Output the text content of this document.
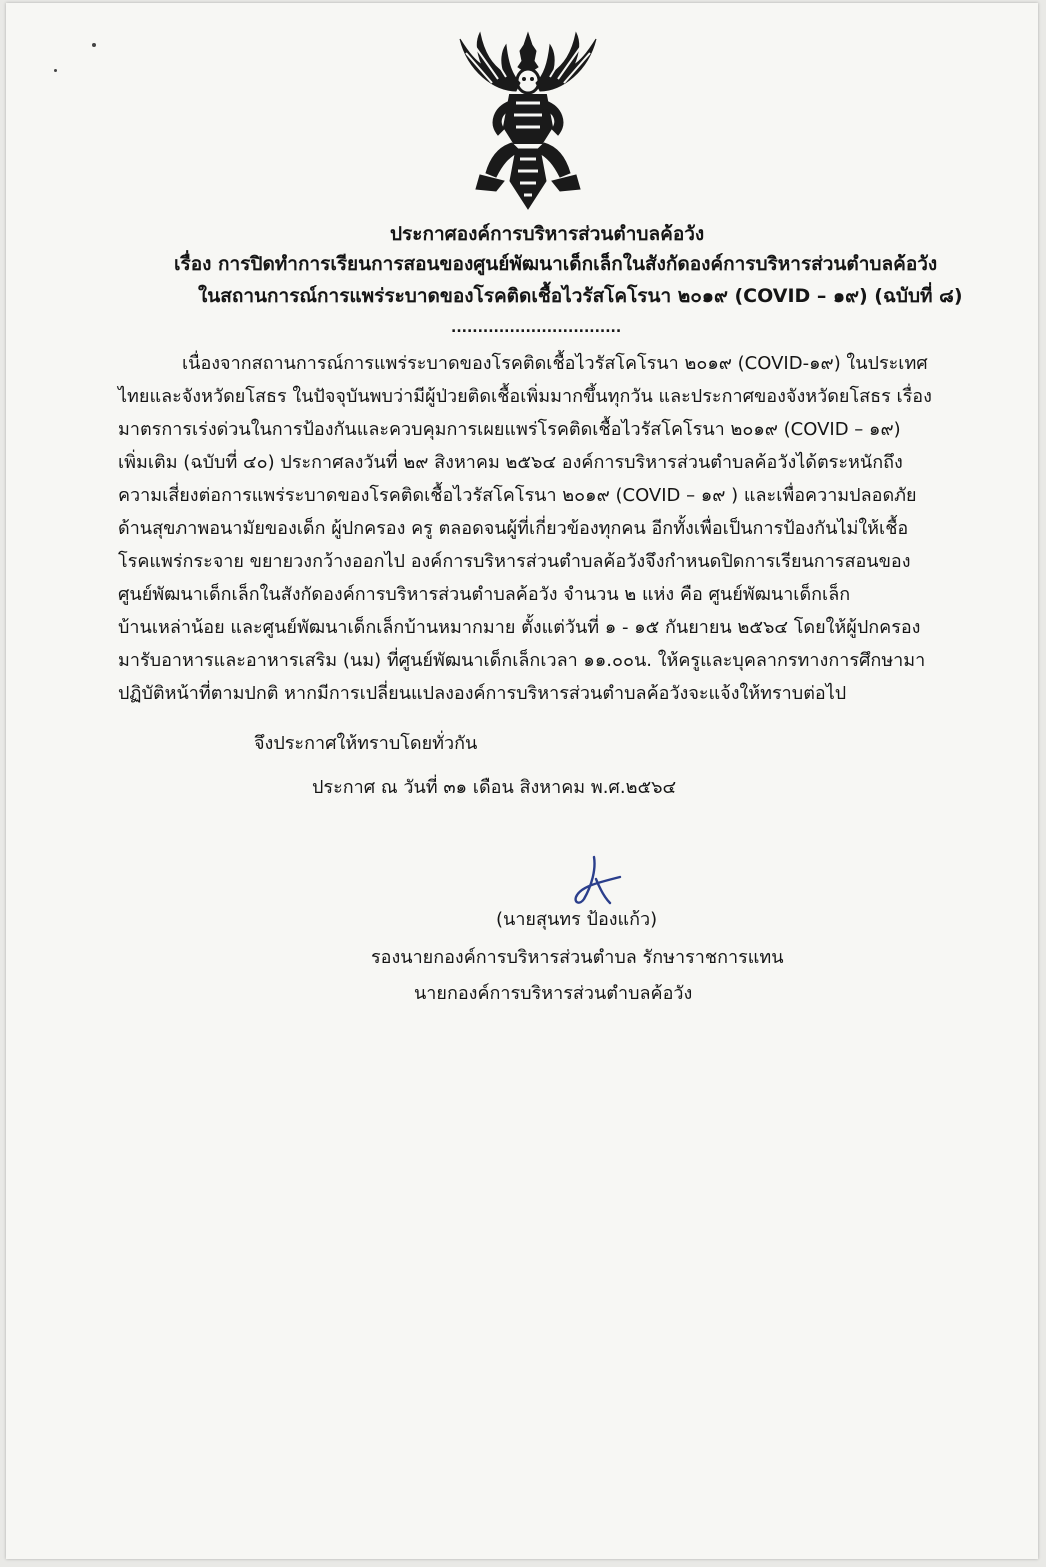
ประกาศองค์การบริหารส่วนตำบลค้อวัง
เรื่อง การปิดทำการเรียนการสอนของศูนย์พัฒนาเด็กเล็กในสังกัดองค์การบริหารส่วนตำบลค้อวัง
ในสถานการณ์การแพร่ระบาดของโรคติดเชื้อไวรัสโคโรนา ๒๐๑๙ (COVID – ๑๙) (ฉบับที่ ๘)
................................
เนื่องจากสถานการณ์การแพร่ระบาดของโรคติดเชื้อไวรัสโคโรนา ๒๐๑๙ (COVID-๑๙) ในประเทศ
ไทยและจังหวัดยโสธร ในปัจจุบันพบว่ามีผู้ป่วยติดเชื้อเพิ่มมากขึ้นทุกวัน และประกาศของจังหวัดยโสธร เรื่อง
มาตรการเร่งด่วนในการป้องกันและควบคุมการเผยแพร่โรคติดเชื้อไวรัสโคโรนา ๒๐๑๙ (COVID – ๑๙)
เพิ่มเติม (ฉบับที่ ๔๐) ประกาศลงวันที่ ๒๙ สิงหาคม ๒๕๖๔ องค์การบริหารส่วนตำบลค้อวังได้ตระหนักถึง
ความเสี่ยงต่อการแพร่ระบาดของโรคติดเชื้อไวรัสโคโรนา ๒๐๑๙ (COVID – ๑๙ ) และเพื่อความปลอดภัย
ด้านสุขภาพอนามัยของเด็ก ผู้ปกครอง ครู ตลอดจนผู้ที่เกี่ยวข้องทุกคน อีกทั้งเพื่อเป็นการป้องกันไม่ให้เชื้อ
โรคแพร่กระจาย ขยายวงกว้างออกไป องค์การบริหารส่วนตำบลค้อวังจึงกำหนดปิดการเรียนการสอนของ
ศูนย์พัฒนาเด็กเล็กในสังกัดองค์การบริหารส่วนตำบลค้อวัง จำนวน ๒ แห่ง คือ ศูนย์พัฒนาเด็กเล็ก
บ้านเหล่าน้อย และศูนย์พัฒนาเด็กเล็กบ้านหมากมาย ตั้งแต่วันที่ ๑ - ๑๕ กันยายน ๒๕๖๔ โดยให้ผู้ปกครอง
มารับอาหารและอาหารเสริม (นม) ที่ศูนย์พัฒนาเด็กเล็กเวลา ๑๑.๐๐น. ให้ครูและบุคลากรทางการศึกษามา
ปฏิบัติหน้าที่ตามปกติ หากมีการเปลี่ยนแปลงองค์การบริหารส่วนตำบลค้อวังจะแจ้งให้ทราบต่อไป
จึงประกาศให้ทราบโดยทั่วกัน
ประกาศ ณ วันที่ ๓๑ เดือน สิงหาคม พ.ศ.๒๕๖๔
(นายสุนทร ป้องแก้ว)
รองนายกองค์การบริหารส่วนตำบล รักษาราชการแทน
นายกองค์การบริหารส่วนตำบลค้อวัง
